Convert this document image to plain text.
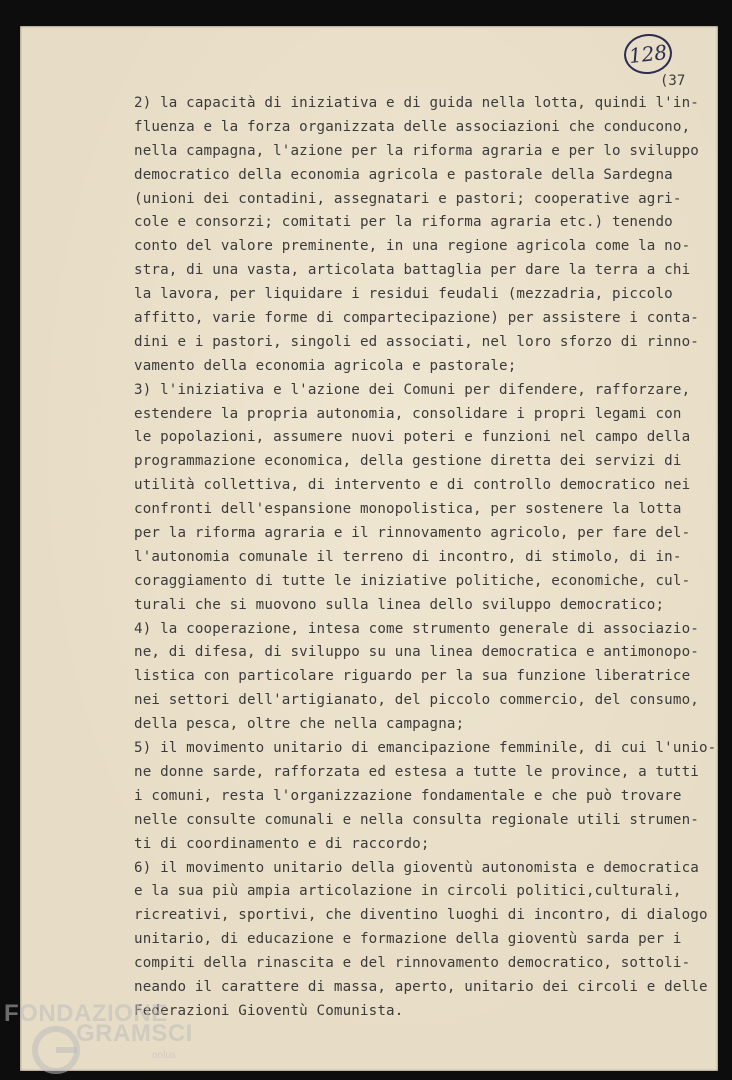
128
(37
2) la capacità di iniziativa e di guida nella lotta, quindi l'in-
fluenza e la forza organizzata delle associazioni che conducono,
nella campagna, l'azione per la riforma agraria e per lo sviluppo
democratico della economia agricola e pastorale della Sardegna
(unioni dei contadini, assegnatari e pastori; cooperative agri-
cole e consorzi; comitati per la riforma agraria etc.) tenendo
conto del valore preminente, in una regione agricola come la no-
stra, di una vasta, articolata battaglia per dare la terra a chi
la lavora, per liquidare i residui feudali (mezzadria, piccolo
affitto, varie forme di compartecipazione) per assistere i conta-
dini e i pastori, singoli ed associati, nel loro sforzo di rinno-
vamento della economia agricola e pastorale;
3) l'iniziativa e l'azione dei Comuni per difendere, rafforzare,
estendere la propria autonomia, consolidare i propri legami con
le popolazioni, assumere nuovi poteri e funzioni nel campo della
programmazione economica, della gestione diretta dei servizi di
utilità collettiva, di intervento e di controllo democratico nei
confronti dell'espansione monopolistica, per sostenere la lotta
per la riforma agraria e il rinnovamento agricolo, per fare del-
l'autonomia comunale il terreno di incontro, di stimolo, di in-
coraggiamento di tutte le iniziative politiche, economiche, cul-
turali che si muovono sulla linea dello sviluppo democratico;
4) la cooperazione, intesa come strumento generale di associazio-
ne, di difesa, di sviluppo su una linea democratica e antimonopo-
listica con particolare riguardo per la sua funzione liberatrice
nei settori dell'artigianato, del piccolo commercio, del consumo,
della pesca, oltre che nella campagna;
5) il movimento unitario di emancipazione femminile, di cui l'unio-
ne donne sarde, rafforzata ed estesa a tutte le province, a tutti
i comuni, resta l'organizzazione fondamentale e che può trovare
nelle consulte comunali e nella consulta regionale utili strumen-
ti di coordinamento e di raccordo;
6) il movimento unitario della gioventù autonomista e democratica
e la sua più ampia articolazione in circoli politici,culturali,
ricreativi, sportivi, che diventino luoghi di incontro, di dialogo
unitario, di educazione e formazione della gioventù sarda per i
compiti della rinascita e del rinnovamento democratico, sottoli-
neando il carattere di massa, aperto, unitario dei circoli e delle
Federazioni Gioventù Comunista.
FONDAZIONE
GRAMSCI
onlus
